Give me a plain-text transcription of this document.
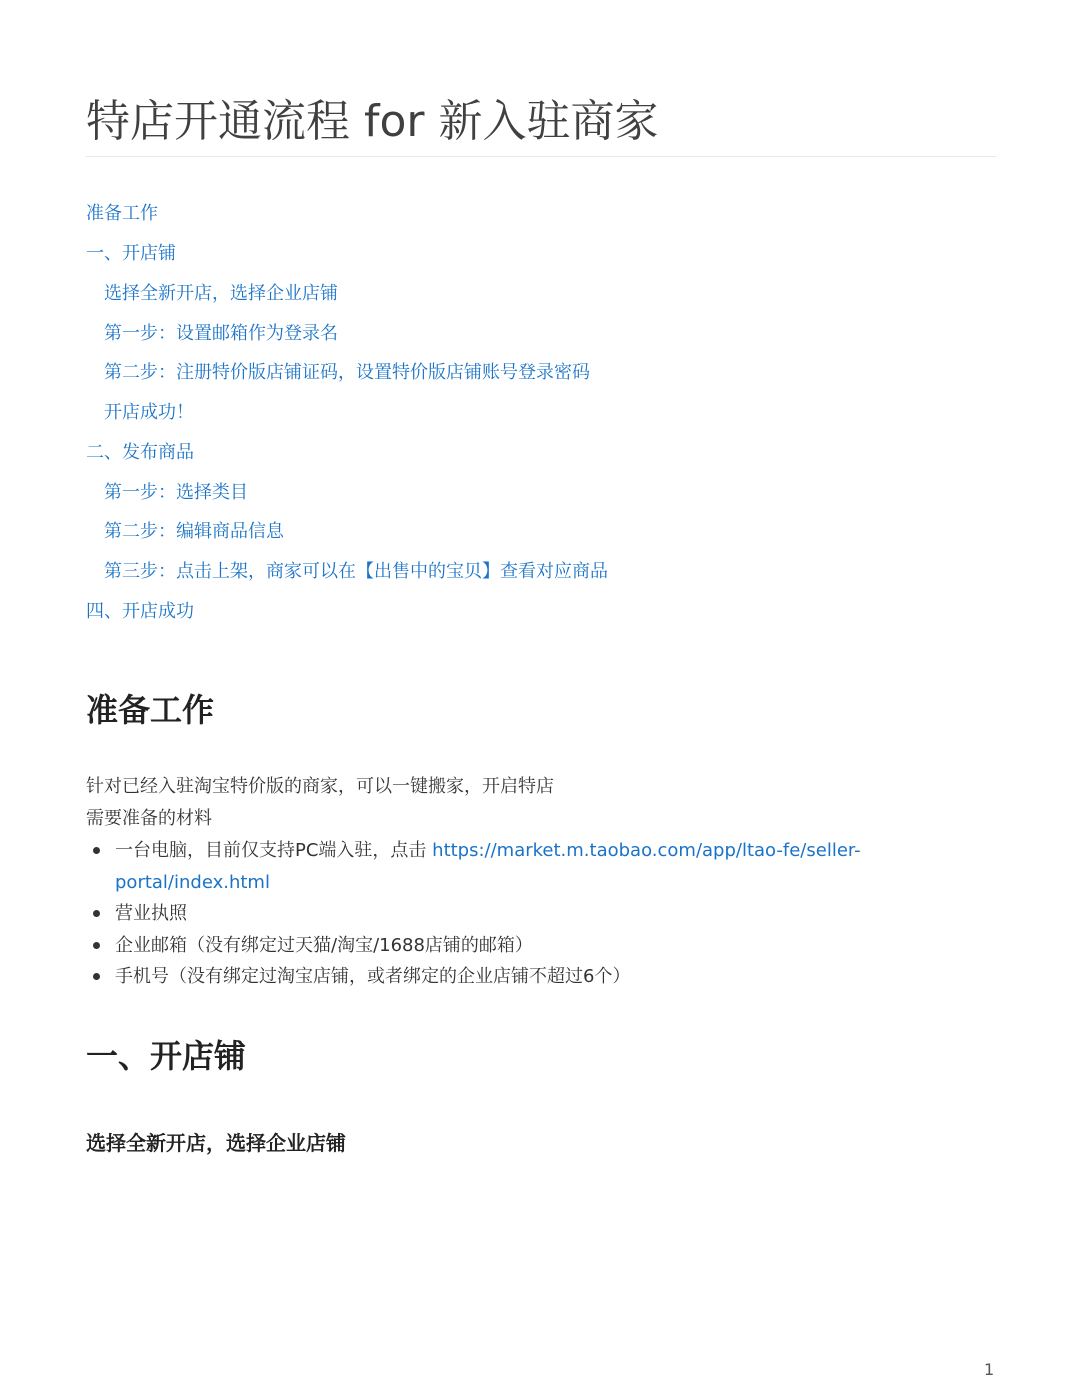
特店开通流程 for 新入驻商家
准备工作
一、开店铺
选择全新开店，选择企业店铺
第一步：设置邮箱作为登录名
第二步：注册特价版店铺证码，设置特价版店铺账号登录密码
开店成功！
二、发布商品
第一步：选择类目
第二步：编辑商品信息
第三步：点击上架，商家可以在【出售中的宝贝】查看对应商品
四、开店成功
准备工作

针对已经入驻淘宝特价版的商家，可以一键搬家，开启特店

需要准备的材料

一台电脑，目前仅支持PC端入驻，点击 https://market.m.taobao.com/app/ltao-fe/seller-portal/index.html
营业执照
企业邮箱（没有绑定过天猫/淘宝/1688店铺的邮箱）
手机号（没有绑定过淘宝店铺，或者绑定的企业店铺不超过6个）
一、开店铺
选择全新开店，选择企业店铺
1
